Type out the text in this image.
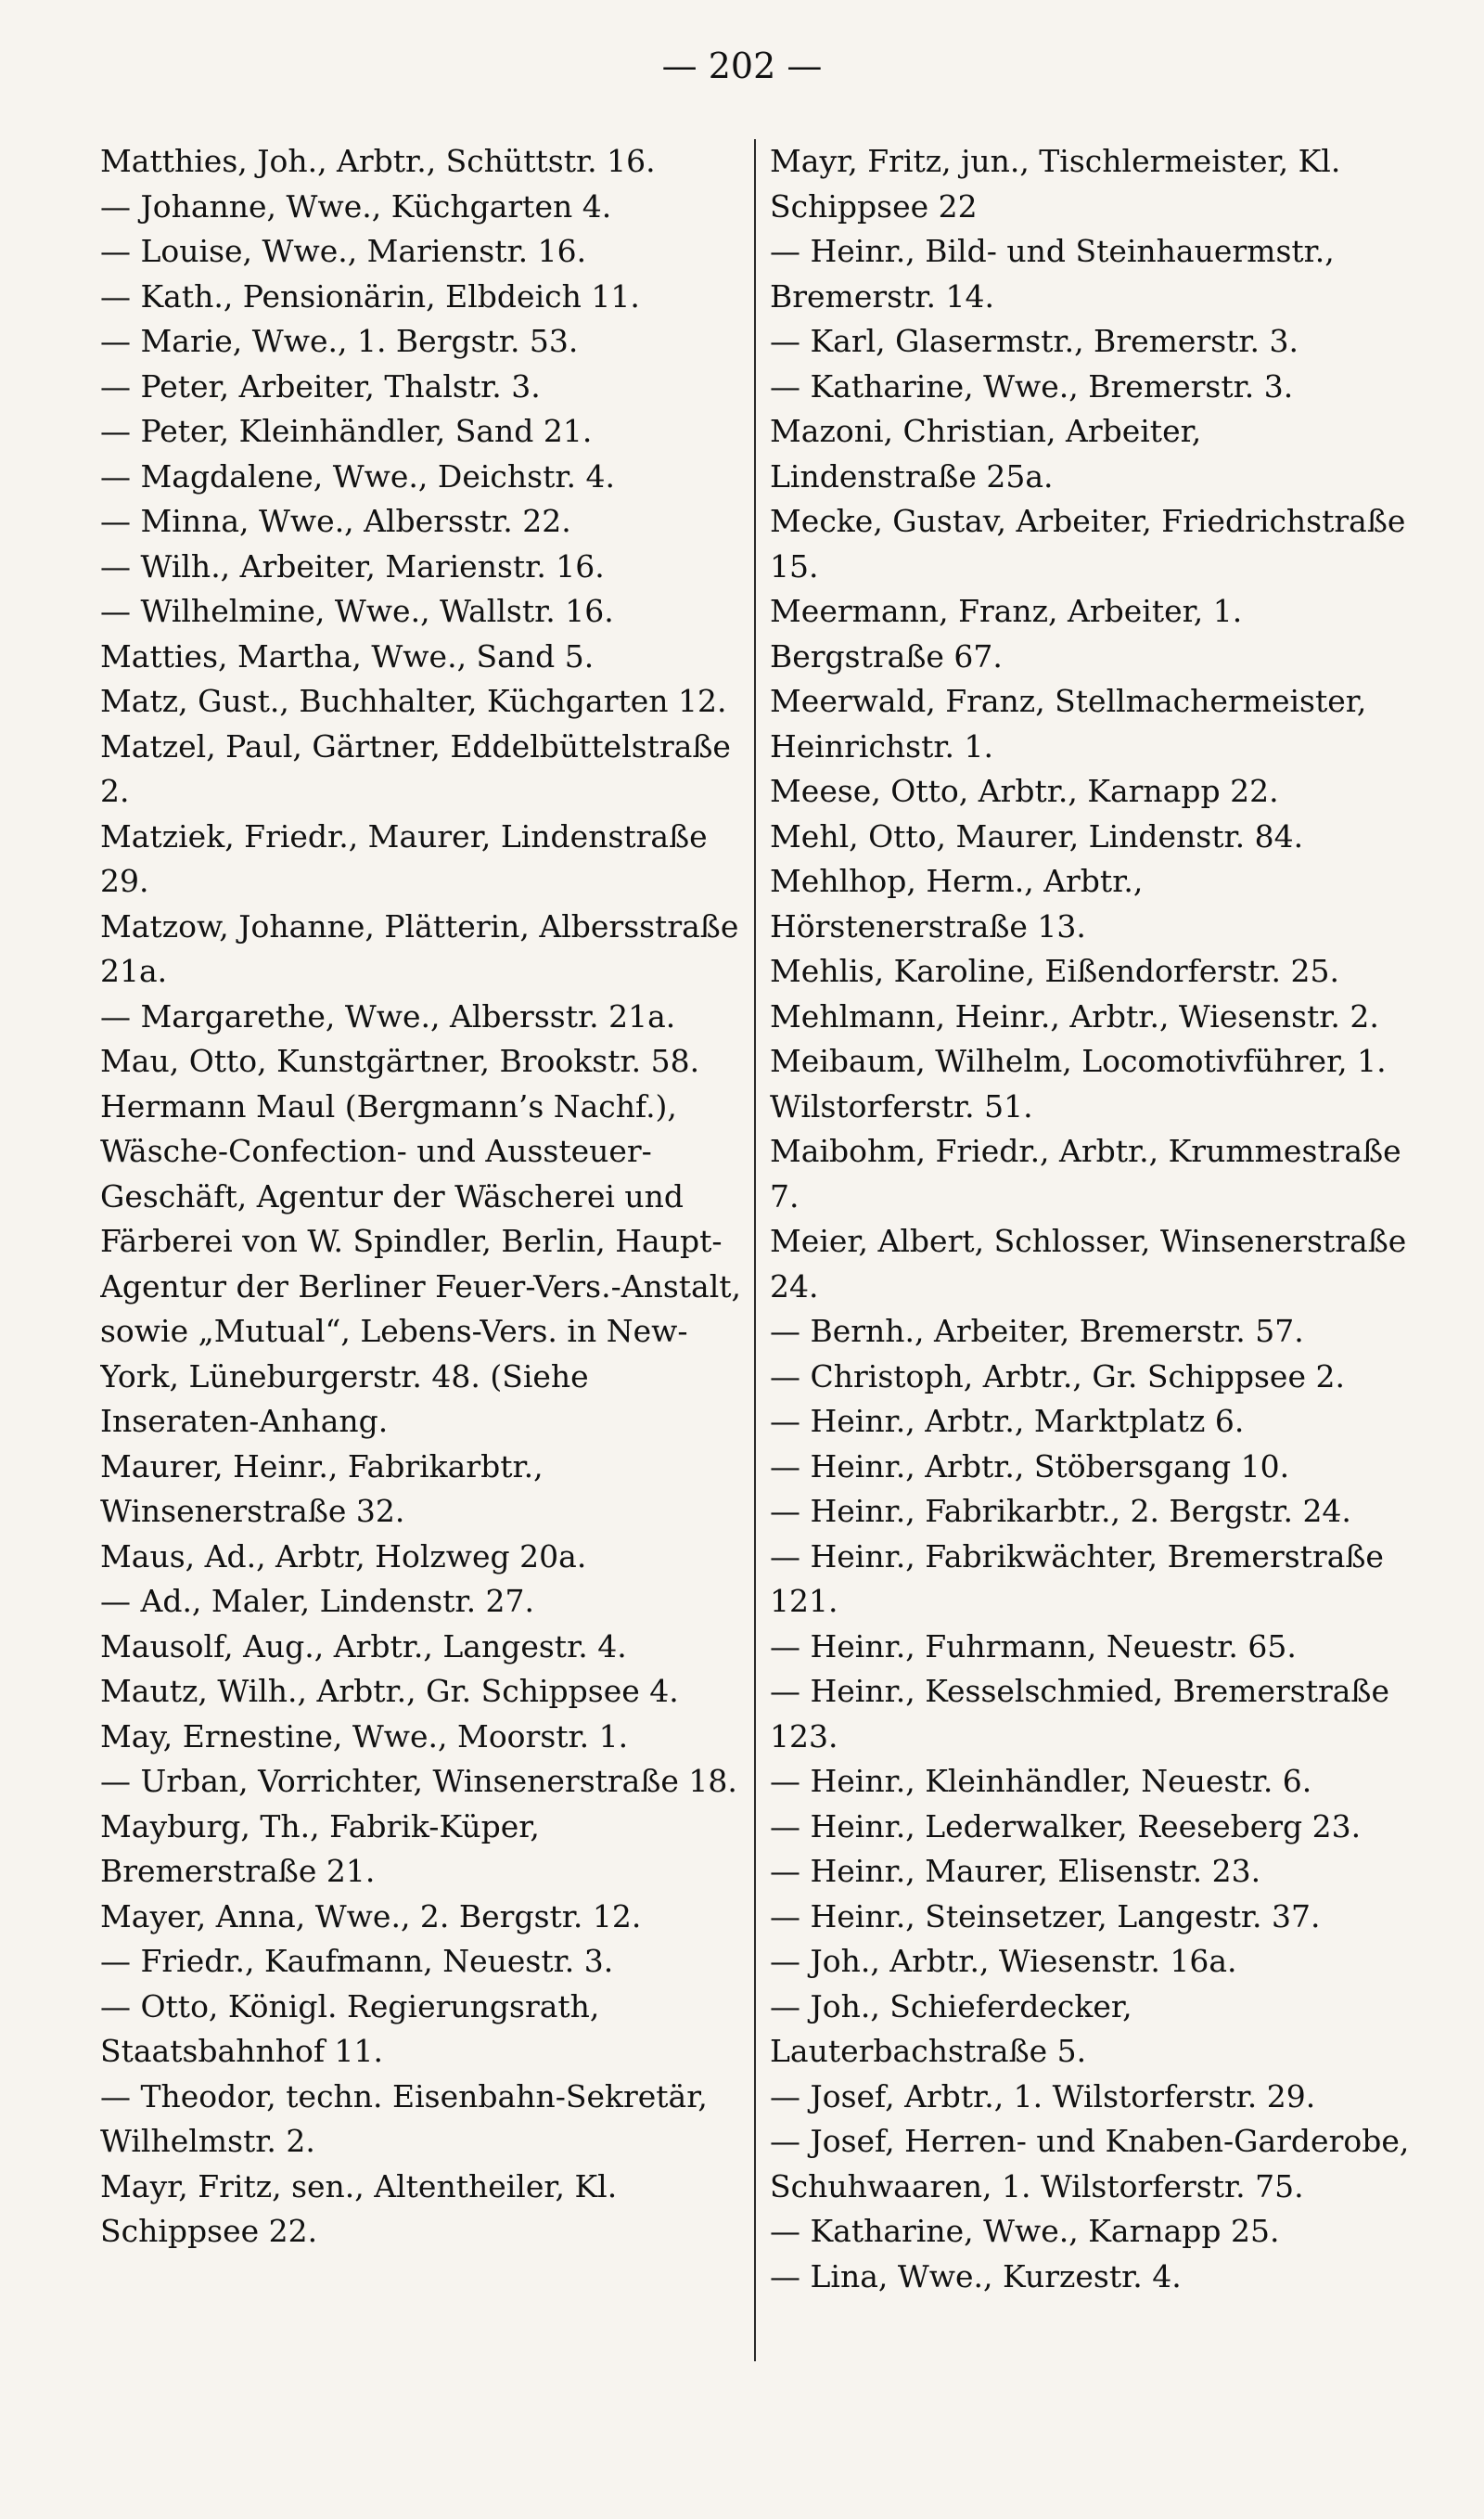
— 202 —

Matthies, Joh., Arbtr., Schüttstr. 16.

— Johanne, Wwe., Küchgarten 4.

— Louise, Wwe., Marienstr. 16.

— Kath., Pensionärin, Elbdeich 11.

— Marie, Wwe., 1. Bergstr. 53.

— Peter, Arbeiter, Thalstr. 3.

— Peter, Kleinhändler, Sand 21.

— Magdalene, Wwe., Deichstr. 4.

— Minna, Wwe., Albersstr. 22.

— Wilh., Arbeiter, Marienstr. 16.

— Wilhelmine, Wwe., Wallstr. 16.

Matties, Martha, Wwe., Sand 5.

Matz, Gust., Buchhalter, Küchgarten 12.

Matzel, Paul, Gärtner, Eddelbüttelstraße 2.

Matziek, Friedr., Maurer, Lindenstraße 29.

Matzow, Johanne, Plätterin, Albersstraße 21a.

— Margarethe, Wwe., Albersstr. 21a.

Mau, Otto, Kunstgärtner, Brookstr. 58.

Hermann Maul (Bergmann’s Nachf.), Wäsche-Confection- und Aussteuer-Geschäft, Agentur der Wäscherei und Färberei von W. Spindler, Berlin, Haupt-Agentur der Berliner Feuer-Vers.-Anstalt, sowie „Mutual“, Lebens-Vers. in New-York, Lüneburgerstr. 48. (Siehe Inseraten-Anhang.

Maurer, Heinr., Fabrikarbtr., Winsenerstraße 32.

Maus, Ad., Arbtr, Holzweg 20a.

— Ad., Maler, Lindenstr. 27.

Mausolf, Aug., Arbtr., Langestr. 4.

Mautz, Wilh., Arbtr., Gr. Schippsee 4.

May, Ernestine, Wwe., Moorstr. 1.

— Urban, Vorrichter, Winsenerstraße 18.

Mayburg, Th., Fabrik-Küper, Bremerstraße 21.

Mayer, Anna, Wwe., 2. Bergstr. 12.

— Friedr., Kaufmann, Neuestr. 3.

— Otto, Königl. Regierungsrath, Staatsbahnhof 11.

— Theodor, techn. Eisenbahn-Sekretär, Wilhelmstr. 2.

Mayr, Fritz, sen., Altentheiler, Kl. Schippsee 22.

Mayr, Fritz, jun., Tischlermeister, Kl. Schippsee 22

— Heinr., Bild- und Steinhauermstr., Bremerstr. 14.

— Karl, Glasermstr., Bremerstr. 3.

— Katharine, Wwe., Bremerstr. 3.

Mazoni, Christian, Arbeiter, Lindenstraße 25a.

Mecke, Gustav, Arbeiter, Friedrichstraße 15.

Meermann, Franz, Arbeiter, 1. Bergstraße 67.

Meerwald, Franz, Stellmachermeister, Heinrichstr. 1.

Meese, Otto, Arbtr., Karnapp 22.

Mehl, Otto, Maurer, Lindenstr. 84.

Mehlhop, Herm., Arbtr., Hörstenerstraße 13.

Mehlis, Karoline, Eißendorferstr. 25.

Mehlmann, Heinr., Arbtr., Wiesenstr. 2.

Meibaum, Wilhelm, Locomotivführer, 1. Wilstorferstr. 51.

Maibohm, Friedr., Arbtr., Krummestraße 7.

Meier, Albert, Schlosser, Winsenerstraße 24.

— Bernh., Arbeiter, Bremerstr. 57.

— Christoph, Arbtr., Gr. Schippsee 2.

— Heinr., Arbtr., Marktplatz 6.

— Heinr., Arbtr., Stöbersgang 10.

— Heinr., Fabrikarbtr., 2. Bergstr. 24.

— Heinr., Fabrikwächter, Bremerstraße 121.

— Heinr., Fuhrmann, Neuestr. 65.

— Heinr., Kesselschmied, Bremerstraße 123.

— Heinr., Kleinhändler, Neuestr. 6.

— Heinr., Lederwalker, Reeseberg 23.

— Heinr., Maurer, Elisenstr. 23.

— Heinr., Steinsetzer, Langestr. 37.

— Joh., Arbtr., Wiesenstr. 16a.

— Joh., Schieferdecker, Lauterbachstraße 5.

— Josef, Arbtr., 1. Wilstorferstr. 29.

— Josef, Herren- und Knaben-Garderobe, Schuhwaaren, 1. Wilstorferstr. 75.

— Katharine, Wwe., Karnapp 25.

— Lina, Wwe., Kurzestr. 4.
